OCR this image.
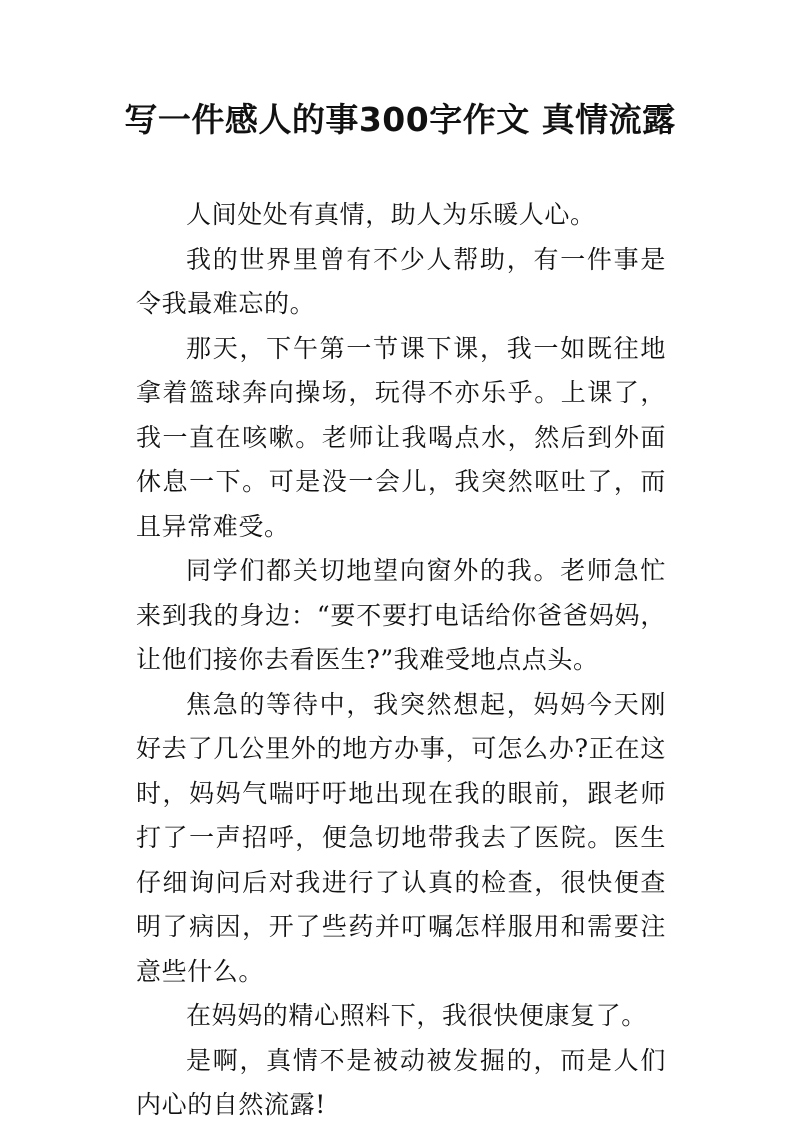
写一件感人的事300字作文 真情流露

人间处处有真情，助人为乐暖人心。

我的世界里曾有不少人帮助，有一件事是令我最难忘的。

那天，下午第一节课下课，我一如既往地拿着篮球奔向操场，玩得不亦乐乎。上课了，我一直在咳嗽。老师让我喝点水，然后到外面休息一下。可是没一会儿，我突然呕吐了，而且异常难受。

同学们都关切地望向窗外的我。老师急忙来到我的身边：“要不要打电话给你爸爸妈妈，让他们接你去看医生?”我难受地点点头。

焦急的等待中，我突然想起，妈妈今天刚好去了几公里外的地方办事，可怎么办?正在这时，妈妈气喘吁吁地出现在我的眼前，跟老师打了一声招呼，便急切地带我去了医院。医生仔细询问后对我进行了认真的检查，很快便查明了病因，开了些药并叮嘱怎样服用和需要注意些什么。

在妈妈的精心照料下，我很快便康复了。

是啊，真情不是被动被发掘的，而是人们内心的自然流露!
